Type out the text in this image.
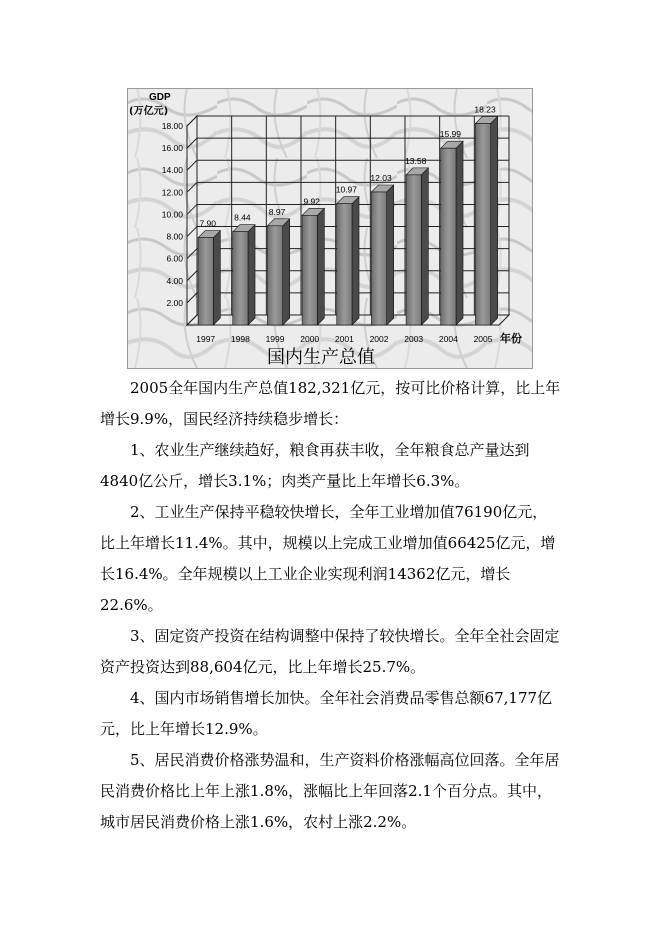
GDP
(万亿元)
年份
国内生产总值
2.00
4.00
6.00
8.00
10.00
12.00
14.00
16.00
18.00
7.90
1997
8.44
1998
8.97
1999
9.92
2000
10.97
2001
12.03
2002
13.58
2003
15.99
2004
18.23
2005

2005全年国内生产总值182,321亿元，按可比价格计算，比上年增长9.9%，国民经济持续稳步增长：

1、农业生产继续趋好，粮食再获丰收，全年粮食总产量达到4840亿公斤，增长3.1%；肉类产量比上年增长6.3%。

2、工业生产保持平稳较快增长，全年工业增加值76190亿元，比上年增长11.4%。其中，规模以上完成工业增加值66425亿元，增长16.4%。全年规模以上工业企业实现利润14362亿元，增长22.6%。

3、固定资产投资在结构调整中保持了较快增长。全年全社会固定资产投资达到88,604亿元，比上年增长25.7%。

4、国内市场销售增长加快。全年社会消费品零售总额67,177亿元，比上年增长12.9%。

5、居民消费价格涨势温和，生产资料价格涨幅高位回落。全年居民消费价格比上年上涨1.8%，涨幅比上年回落2.1个百分点。其中，城市居民消费价格上涨1.6%，农村上涨2.2%。
